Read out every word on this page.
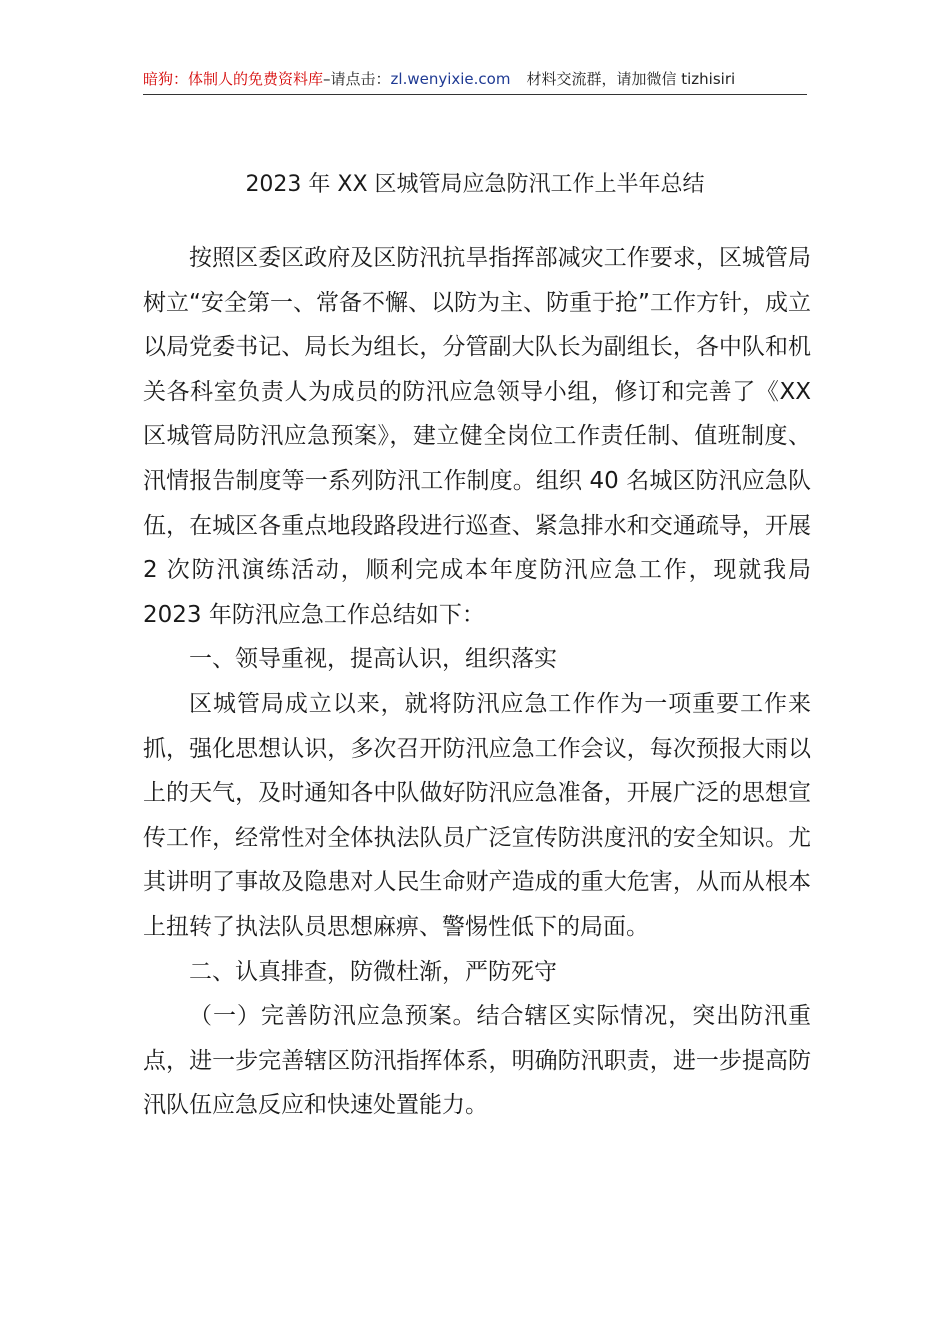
暗狗：体制人的免费资料库–请点击：zl.wenyixie.com 材料交流群，请加微信 tizhisiri
2023 年 XX 区城管局应急防汛工作上半年总结

按照区委区政府及区防汛抗旱指挥部减灾工作要求，区城管局树立“安全第一、常备不懈、以防为主、防重于抢”工作方针，成立以局党委书记、局长为组长，分管副大队长为副组长，各中队和机关各科室负责人为成员的防汛应急领导小组，修订和完善了《XX 区城管局防汛应急预案》，建立健全岗位工作责任制、值班制度、汛情报告制度等一系列防汛工作制度。组织 40 名城区防汛应急队伍，在城区各重点地段路段进行巡查、紧急排水和交通疏导，开展 2 次防汛演练活动，顺利完成本年度防汛应急工作，现就我局 2023 年防汛应急工作总结如下：

一、领导重视，提高认识，组织落实

区城管局成立以来，就将防汛应急工作作为一项重要工作来抓，强化思想认识，多次召开防汛应急工作会议，每次预报大雨以上的天气，及时通知各中队做好防汛应急准备，开展广泛的思想宣传工作，经常性对全体执法队员广泛宣传防洪度汛的安全知识。尤其讲明了事故及隐患对人民生命财产造成的重大危害，从而从根本上扭转了执法队员思想麻痹、警惕性低下的局面。

二、认真排查，防微杜渐，严防死守

（一）完善防汛应急预案。结合辖区实际情况，突出防汛重点，进一步完善辖区防汛指挥体系，明确防汛职责，进一步提高防汛队伍应急反应和快速处置能力。
